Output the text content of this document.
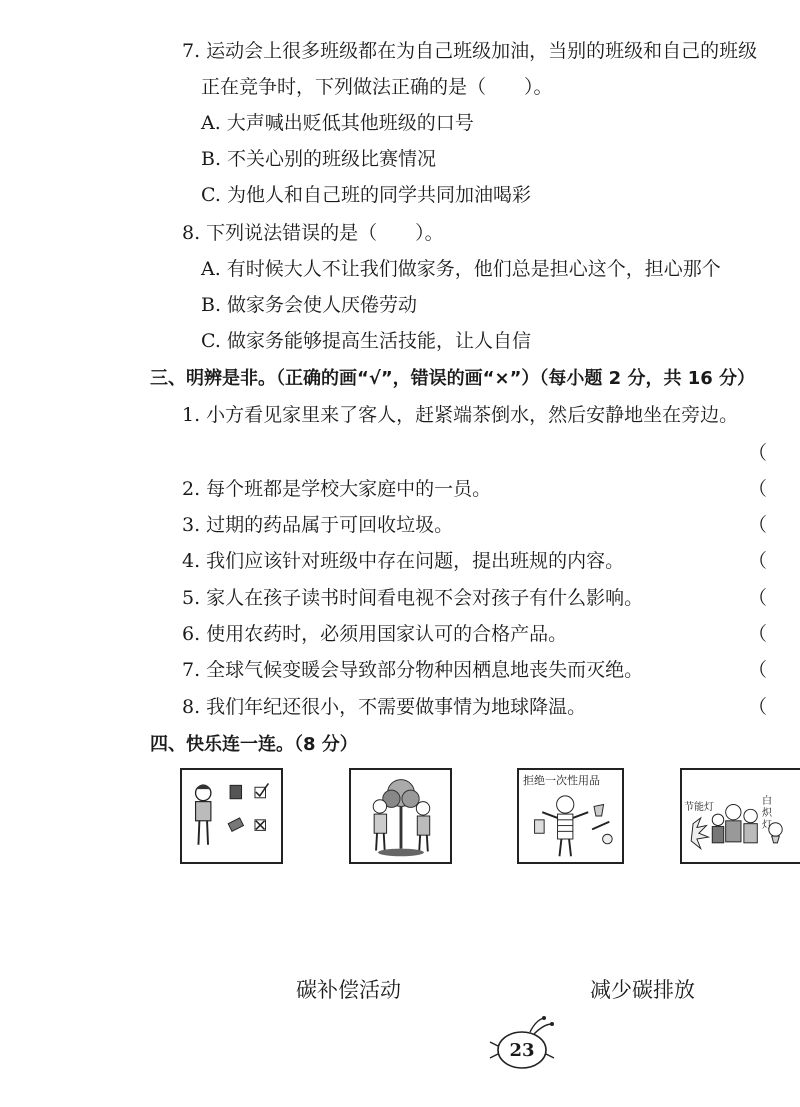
7. 运动会上很多班级都在为自己班级加油，当别的班级和自己的班级
正在竞争时，下列做法正确的是（　　）。
A. 大声喊出贬低其他班级的口号
B. 不关心别的班级比赛情况
C. 为他人和自己班的同学共同加油喝彩
8. 下列说法错误的是（　　）。
A. 有时候大人不让我们做家务，他们总是担心这个，担心那个
B. 做家务会使人厌倦劳动
C. 做家务能够提高生活技能，让人自信
三、明辨是非。（正确的画“√”，错误的画“×”）（每小题 2 分，共 16 分）
1. 小方看见家里来了客人，赶紧端茶倒水，然后安静地坐在旁边。
（
2. 每个班都是学校大家庭中的一员。	（
3. 过期的药品属于可回收垃圾。	（
4. 我们应该针对班级中存在问题，提出班规的内容。	（
5. 家人在孩子读书时间看电视不会对孩子有什么影响。	（
6. 使用农药时，必须用国家认可的合格产品。	（
7. 全球气候变暖会导致部分物种因栖息地丧失而灭绝。	（
8. 我们年纪还很小，不需要做事情为地球降温。	（
四、快乐连一连。（8 分）
拒绝一次性用品
节能灯
白炽灯
碳补偿活动	减少碳排放
23
